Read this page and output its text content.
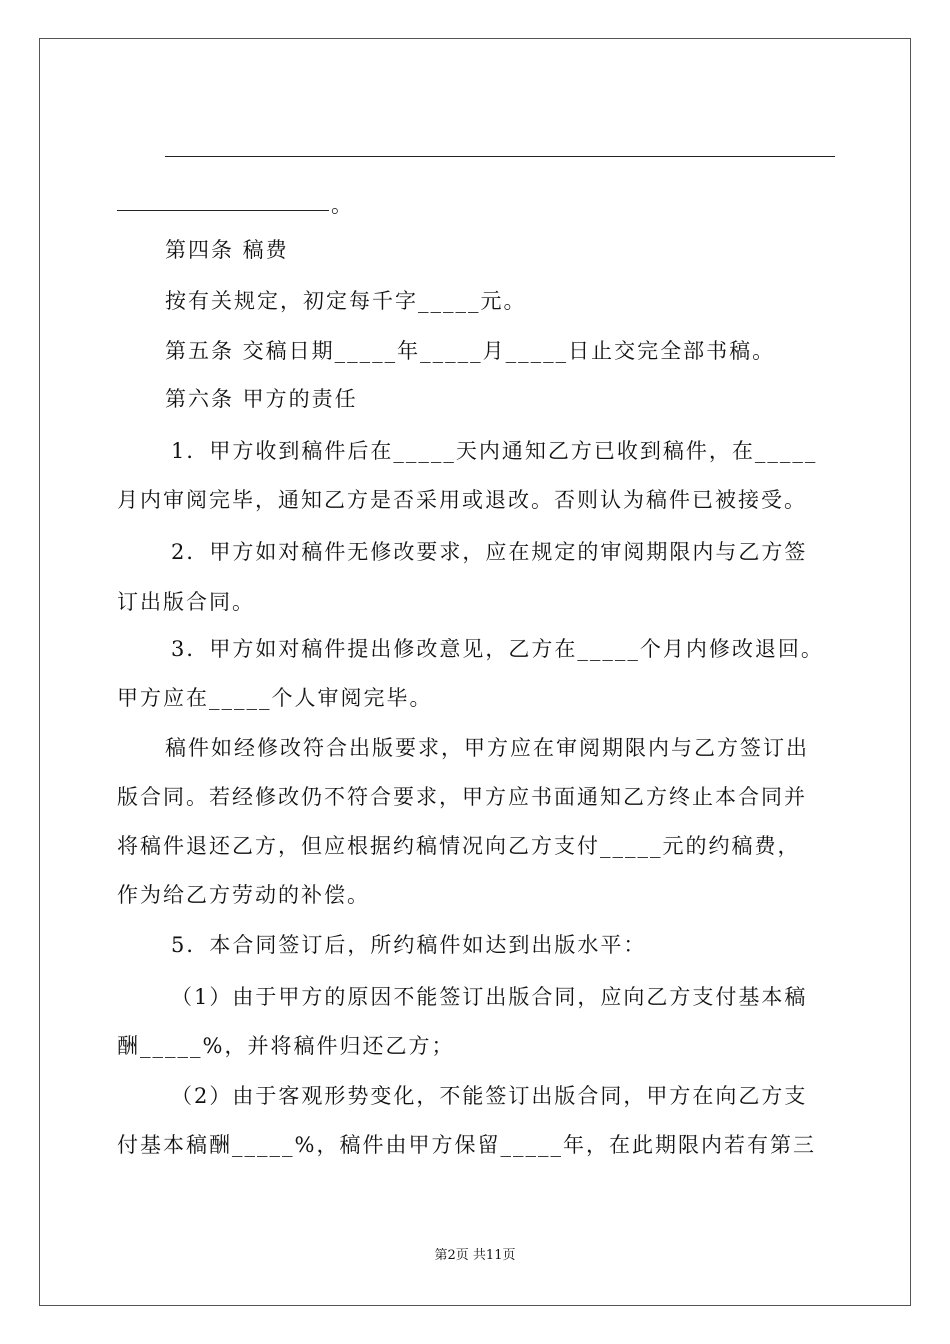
。
第四条 稿费
按有关规定，初定每千字_____元。
第五条 交稿日期_____年_____月_____日止交完全部书稿。
第六条 甲方的责任
1．甲方收到稿件后在_____天内通知乙方已收到稿件，在_____
月内审阅完毕，通知乙方是否采用或退改。否则认为稿件已被接受。
2．甲方如对稿件无修改要求，应在规定的审阅期限内与乙方签
订出版合同。
3．甲方如对稿件提出修改意见，乙方在_____个月内修改退回。
甲方应在_____个人审阅完毕。
稿件如经修改符合出版要求，甲方应在审阅期限内与乙方签订出
版合同。若经修改仍不符合要求，甲方应书面通知乙方终止本合同并
将稿件退还乙方，但应根据约稿情况向乙方支付_____元的约稿费，
作为给乙方劳动的补偿。
5．本合同签订后，所约稿件如达到出版水平：
（1）由于甲方的原因不能签订出版合同，应向乙方支付基本稿
酬_____%，并将稿件归还乙方；
（2）由于客观形势变化，不能签订出版合同，甲方在向乙方支
付基本稿酬_____%，稿件由甲方保留_____年，在此期限内若有第三
第2页 共11页
